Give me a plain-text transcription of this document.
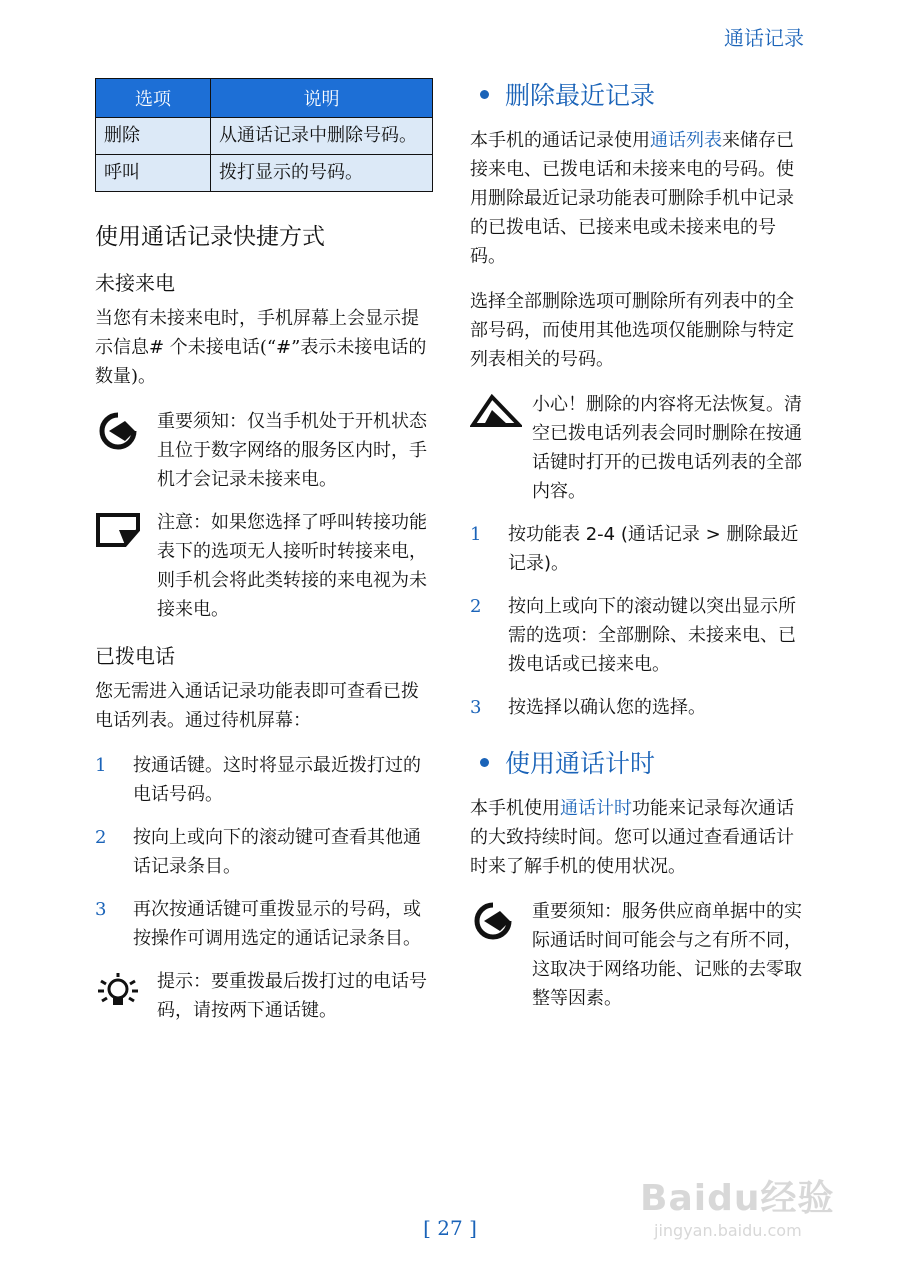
通话记录
选项	说明
删除	从通话记录中删除号码。
呼叫	拨打显示的号码。
使用通话记录快捷方式
未接来电

当您有未接来电时，手机屏幕上会显示提示信息# 个未接电话(“#”表示未接电话的数量)。

重要须知：仅当手机处于开机状态且位于数字网络的服务区内时，手机才会记录未接来电。
注意：如果您选择了呼叫转接功能表下的选项无人接听时转接来电，则手机会将此类转接的来电视为未接来电。
已拨电话

您无需进入通话记录功能表即可查看已拨电话列表。通过待机屏幕：

1	按通话键。这时将显示最近拨打过的电话号码。
2	按向上或向下的滚动键可查看其他通话记录条目。
3	再次按通话键可重拨显示的号码，或按操作可调用选定的通话记录条目。
提示：要重拨最后拨打过的电话号码，请按两下通话键。
删除最近记录

本手机的通话记录使用通话列表来储存已接来电、已拨电话和未接来电的号码。使用删除最近记录功能表可删除手机中记录的已拨电话、已接来电或未接来电的号码。

选择全部删除选项可删除所有列表中的全部号码，而使用其他选项仅能删除与特定列表相关的号码。

小心！删除的内容将无法恢复。清空已拨电话列表会同时删除在按通话键时打开的已拨电话列表的全部内容。
1	按功能表 2-4 (通话记录 > 删除最近记录)。
2	按向上或向下的滚动键以突出显示所需的选项：全部删除、未接来电、已拨电话或已接来电。
3	按选择以确认您的选择。
使用通话计时

本手机使用通话计时功能来记录每次通话的大致持续时间。您可以通过查看通话计时来了解手机的使用状况。

重要须知：服务供应商单据中的实际通话时间可能会与之有所不同，这取决于网络功能、记账的去零取整等因素。
[ 27 ]
Baidu经验
jingyan.baidu.com
